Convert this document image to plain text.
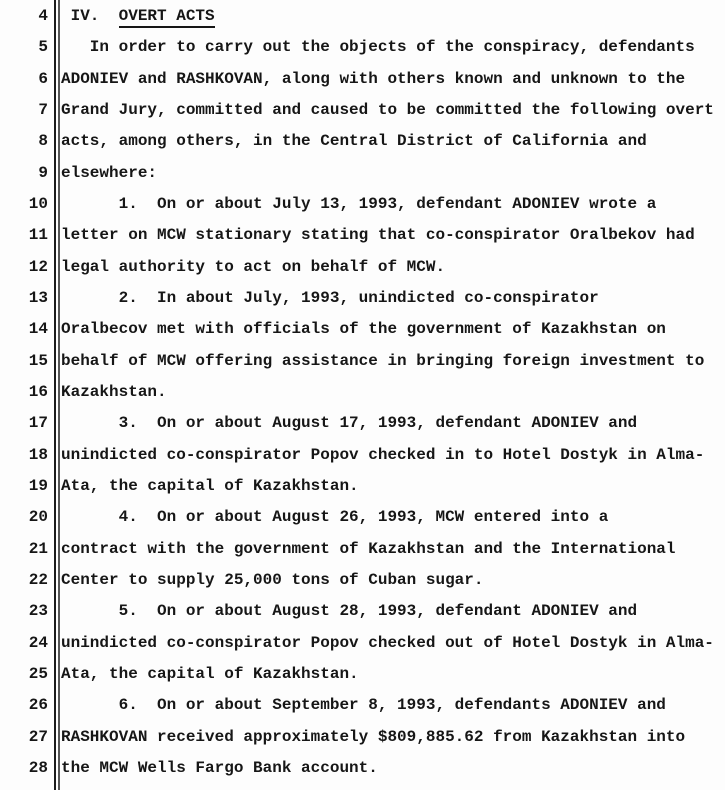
4 IV.  OVERT ACTS
5 In order to carry out the objects of the conspiracy, defendants
6 ADONIEV and RASHKOVAN, along with others known and unknown to the
7 Grand Jury, committed and caused to be committed the following overt
8 acts, among others, in the Central District of California and
9 elsewhere:
10 1.  On or about July 13, 1993, defendant ADONIEV wrote a
11 letter on MCW stationary stating that co-conspirator Oralbekov had
12 legal authority to act on behalf of MCW.
13 2.  In about July, 1993, unindicted co-conspirator
14 Oralbecov met with officials of the government of Kazakhstan on
15 behalf of MCW offering assistance in bringing foreign investment to
16 Kazakhstan.
17 3.  On or about August 17, 1993, defendant ADONIEV and
18 unindicted co-conspirator Popov checked in to Hotel Dostyk in Alma-
19 Ata, the capital of Kazakhstan.
20 4.  On or about August 26, 1993, MCW entered into a
21 contract with the government of Kazakhstan and the International
22 Center to supply 25,000 tons of Cuban sugar.
23 5.  On or about August 28, 1993, defendant ADONIEV and
24 unindicted co-conspirator Popov checked out of Hotel Dostyk in Alma-
25 Ata, the capital of Kazakhstan.
26 6.  On or about September 8, 1993, defendants ADONIEV and
27 RASHKOVAN received approximately $809,885.62 from Kazakhstan into
28 the MCW Wells Fargo Bank account.
